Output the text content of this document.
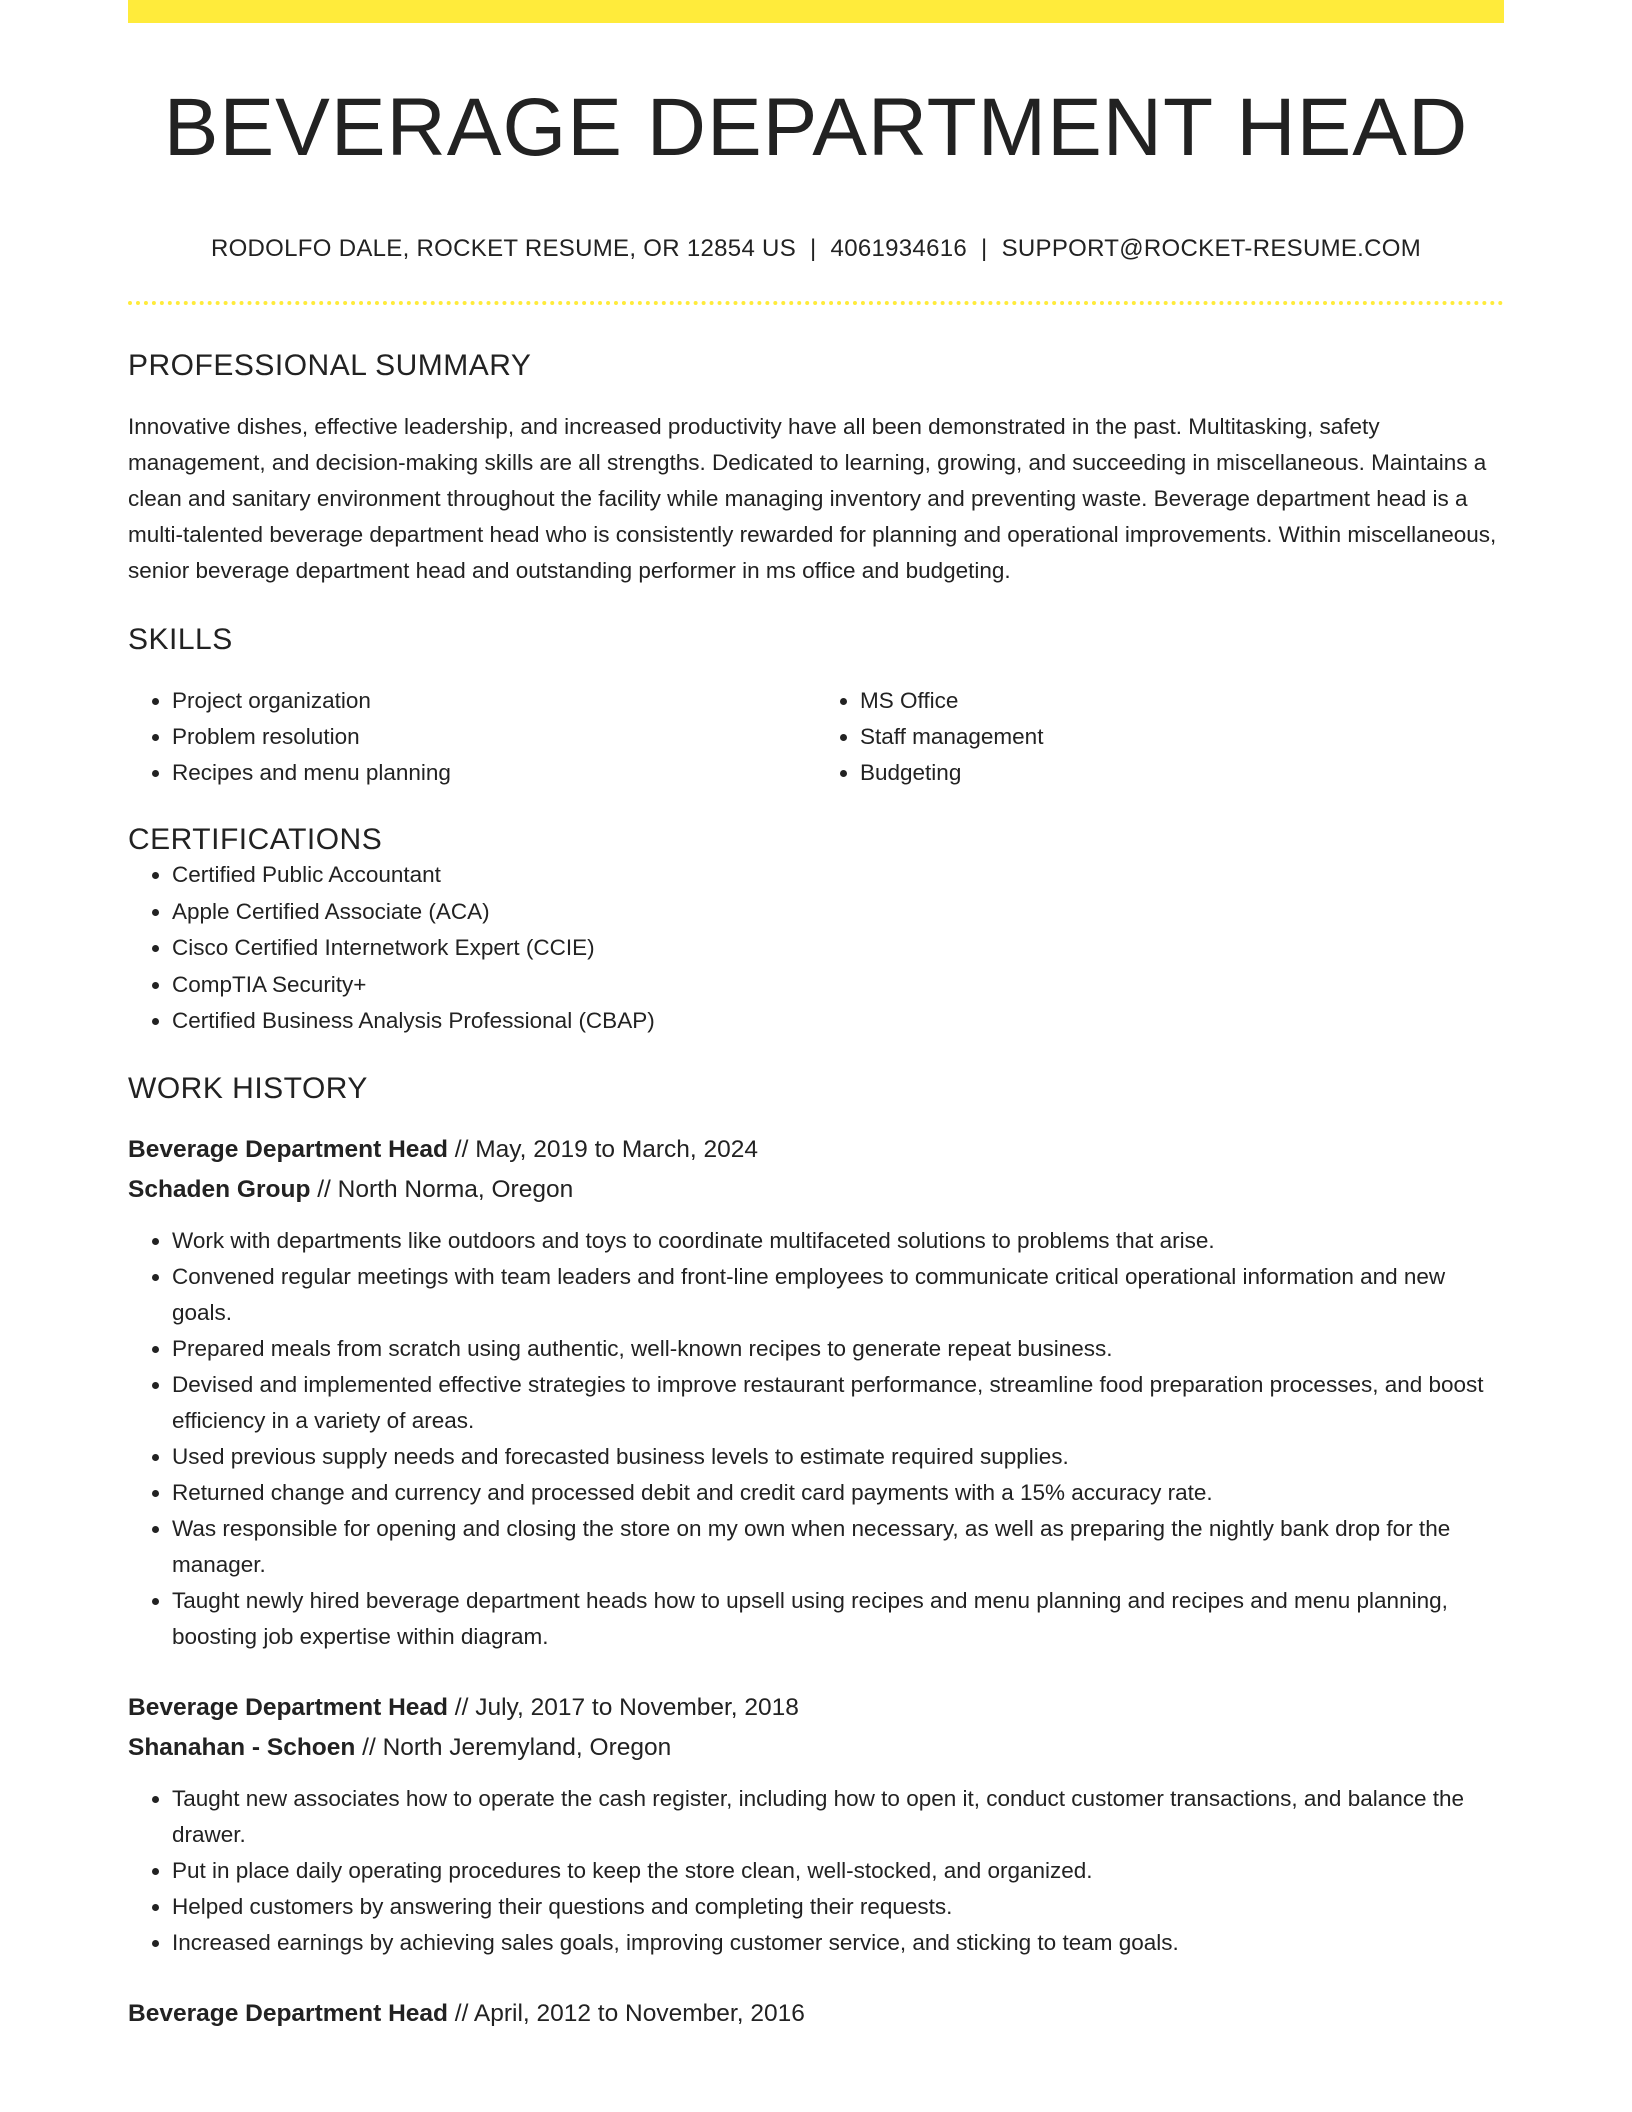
BEVERAGE DEPARTMENT HEAD
RODOLFO DALE, ROCKET RESUME, OR 12854 US | 4061934616 | SUPPORT@ROCKET-RESUME.COM
PROFESSIONAL SUMMARY

Innovative dishes, effective leadership, and increased productivity have all been demonstrated in the past. Multitasking, safety management, and decision-making skills are all strengths. Dedicated to learning, growing, and succeeding in miscellaneous. Maintains a clean and sanitary environment throughout the facility while managing inventory and preventing waste. Beverage department head is a multi-talented beverage department head who is consistently rewarded for planning and operational improvements. Within miscellaneous, senior beverage department head and outstanding performer in ms office and budgeting.

SKILLS
• Project organization
• Problem resolution
• Recipes and menu planning
• MS Office
• Staff management
• Budgeting
CERTIFICATIONS
• Certified Public Accountant
• Apple Certified Associate (ACA)
• Cisco Certified Internetwork Expert (CCIE)
• CompTIA Security+
• Certified Business Analysis Professional (CBAP)
WORK HISTORY
Beverage Department Head // May, 2019 to March, 2024
Schaden Group // North Norma, Oregon
• Work with departments like outdoors and toys to coordinate multifaceted solutions to problems that arise.
• Convened regular meetings with team leaders and front-line employees to communicate critical operational information and new goals.
• Prepared meals from scratch using authentic, well-known recipes to generate repeat business.
• Devised and implemented effective strategies to improve restaurant performance, streamline food preparation processes, and boost efficiency in a variety of areas.
• Used previous supply needs and forecasted business levels to estimate required supplies.
• Returned change and currency and processed debit and credit card payments with a 15% accuracy rate.
• Was responsible for opening and closing the store on my own when necessary, as well as preparing the nightly bank drop for the manager.
• Taught newly hired beverage department heads how to upsell using recipes and menu planning and recipes and menu planning, boosting job expertise within diagram.
Beverage Department Head // July, 2017 to November, 2018
Shanahan - Schoen // North Jeremyland, Oregon
• Taught new associates how to operate the cash register, including how to open it, conduct customer transactions, and balance the drawer.
• Put in place daily operating procedures to keep the store clean, well-stocked, and organized.
• Helped customers by answering their questions and completing their requests.
• Increased earnings by achieving sales goals, improving customer service, and sticking to team goals.
Beverage Department Head // April, 2012 to November, 2016
